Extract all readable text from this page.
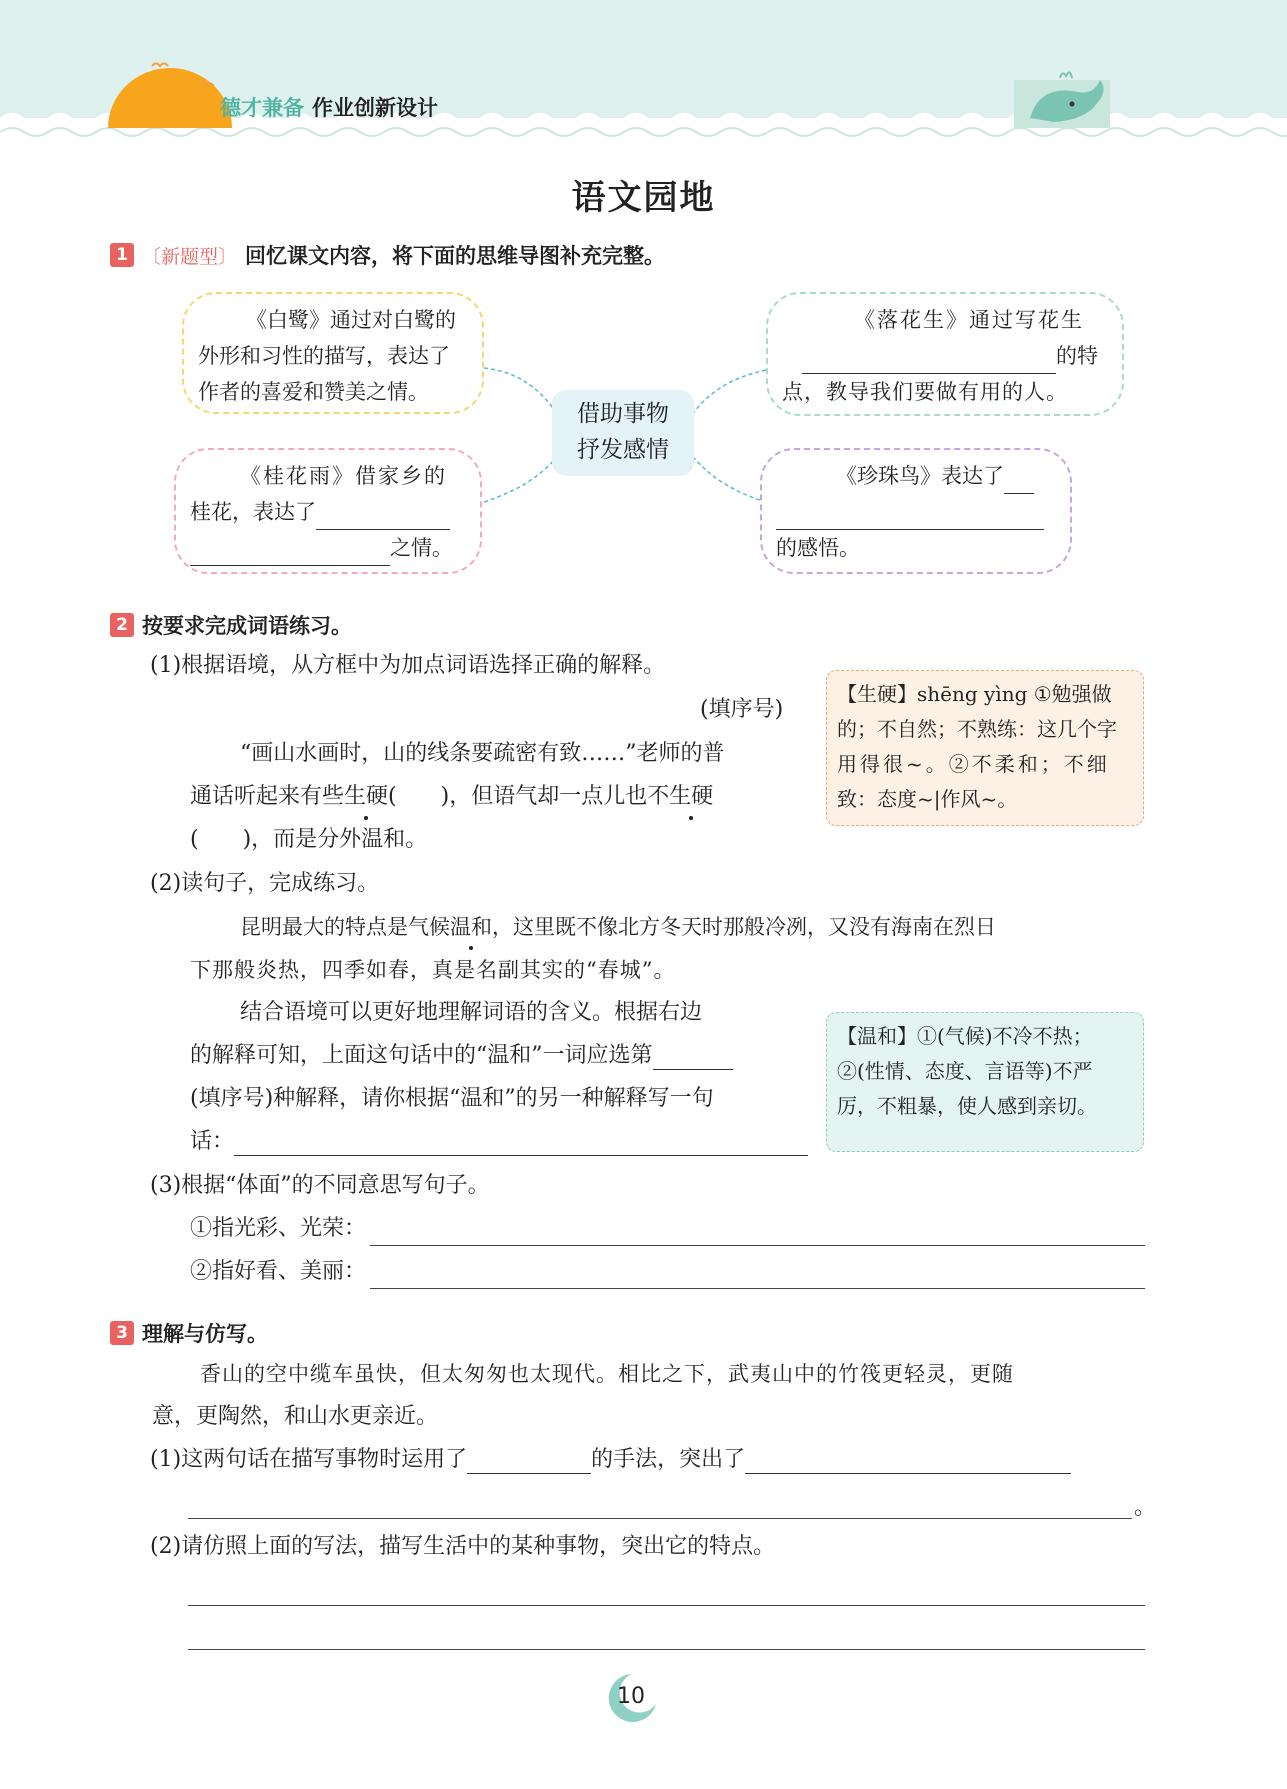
德才兼备 作业创新设计
语文园地
1 〔新题型〕 回忆课文内容，将下面的思维导图补充完整。
借助事物
抒发感情

《白鹭》通过对白鹭的

外形和习性的描写，表达了

作者的喜爱和赞美之情。

《落花生》通过写花生

的特

点，教导我们要做有用的人。

《桂花雨》借家乡的

桂花，表达了

之情。

《珍珠鸟》表达了

的感悟。

2 按要求完成词语练习。
(1)根据语境，从方框中为加点词语选择正确的解释。
(填序号)
“画山水画时，山的线条要疏密有致……”老师的普
通话听起来有些生硬(　　)，但语气却一点儿也不生硬
(　　)，而是分外温和。
【生硬】shēng yìng ①勉强做
的；不自然；不熟练：这几个字
用得很~。②不柔和；不细
致：态度~|作风~。
(2)读句子，完成练习。
昆明最大的特点是气候温和，这里既不像北方冬天时那般冷冽，又没有海南在烈日
下那般炎热，四季如春，真是名副其实的“春城”。
结合语境可以更好地理解词语的含义。根据右边
的解释可知，上面这句话中的“温和”一词应选第
(填序号)种解释，请你根据“温和”的另一种解释写一句
话：
【温和】①(气候)不冷不热；
②(性情、态度、言语等)不严
厉，不粗暴，使人感到亲切。
(3)根据“体面”的不同意思写句子。
①指光彩、光荣：
②指好看、美丽：
3 理解与仿写。
香山的空中缆车虽快，但太匆匆也太现代。相比之下，武夷山中的竹筏更轻灵，更随
意，更陶然，和山水更亲近。
(1)这两句话在描写事物时运用了	的手法，突出了
。
(2)请仿照上面的写法，描写生活中的某种事物，突出它的特点。
10
